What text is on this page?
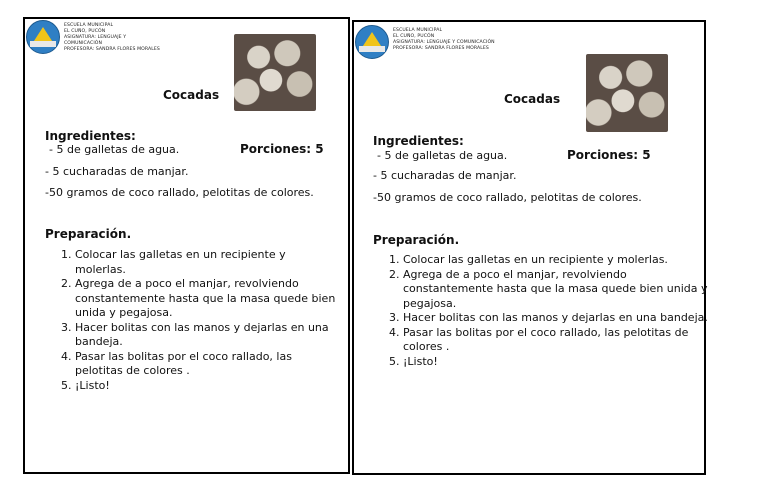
ESCUELA MUNICIPAL
EL CUÑO, PUCÓN
ASIGNATURA: LENGUAJE Y COMUNICACIÓN
PROFESORA: SANDRA FLORES MORALES
Cocadas
Ingredientes:
- 5 de galletas de agua.	Porciones: 5
- 5 cucharadas de manjar.
-50 gramos de coco rallado, pelotitas de colores.
Preparación.
1. Colocar las galletas en un recipiente y molerlas.
2. Agrega de a poco el manjar, revolviendo constantemente hasta que la masa quede bien unida y pegajosa.
3. Hacer bolitas con las manos y dejarlas en una bandeja.
4. Pasar las bolitas por el coco rallado, las pelotitas de colores .
5. ¡Listo!
ESCUELA MUNICIPAL
EL CUÑO, PUCÓN
ASIGNATURA: LENGUAJE Y COMUNICACIÓN
PROFESORA: SANDRA FLORES MORALES
Cocadas
Ingredientes:
- 5 de galletas de agua.	Porciones: 5
- 5 cucharadas de manjar.
-50 gramos de coco rallado, pelotitas de colores.
Preparación.
1. Colocar las galletas en un recipiente y molerlas.
2. Agrega de a poco el manjar, revolviendo constantemente hasta que la masa quede bien unida y pegajosa.
3. Hacer bolitas con las manos y dejarlas en una bandeja.
4. Pasar las bolitas por el coco rallado, las pelotitas de colores .
5. ¡Listo!
